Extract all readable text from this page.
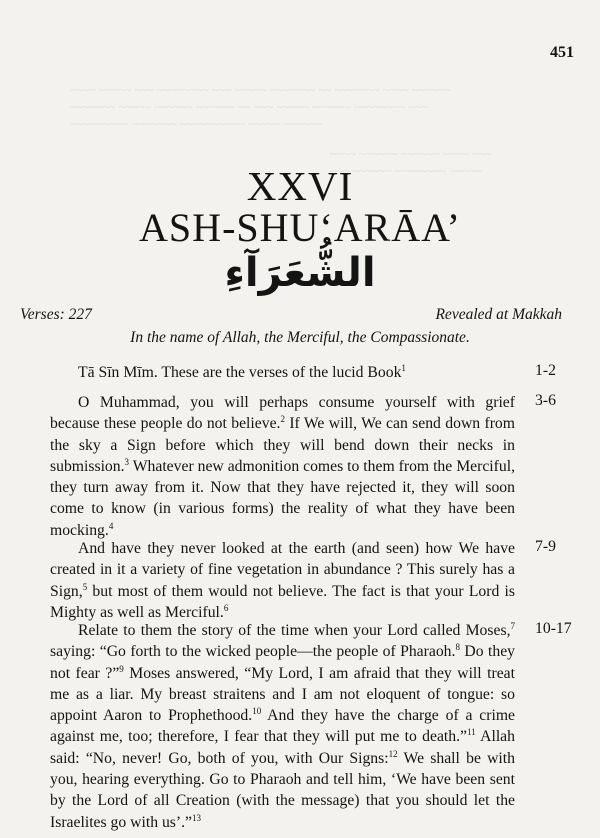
~~~~ ~~~~~ ~~~ ~~~~~~~~ ~~~ ~~~~~ ~~~~~~~ ~~ ~~~~~~~ ~~~~ ~~~~~~
~~~~~~~ ~~~~~ ~~~~~~ ~~~~~~ ~~ ~~~ ~~~~~ ~~~~~~ ~~~~~~~~ ~~~
~~~~~~~~~ ~~~~~~~ ~~~~~~~~~~ ~~~~~ ~~~~~~
~~~~ ~~~~~~ ~~~~~~ ~~~~ ~~~
~~~ ~~~~~~ ~~~~~~~~ ~~~~~
451
XXVI
ASH-SHU‘ARĀA’
الشُّعَرَآءِ
Verses: 227	Revealed at Makkah
In the name of Allah, the Merciful, the Compassionate.

Tā Sīn Mīm. These are the verses of the lucid Book$^1$	1-2

O Muhammad, you will perhaps consume yourself with grief because these people do not believe.$^2$ If We will, We can send down from the sky a Sign before which they will bend down their necks in submission.$^3$ Whatever new admonition comes to them from the Merciful, they turn away from it. Now that they have rejected it, they will soon come to know (in various forms) the reality of what they have been mocking.$^4$

3-6

And have they never looked at the earth (and seen) how We have created in it a variety of fine vegetation in abundance ? This surely has a Sign,$^5$ but most of them would not believe. The fact is that your Lord is Mighty as well as Merciful.$^6$

7-9

Relate to them the story of the time when your Lord called Moses,$^7$ saying: “Go forth to the wicked people—the people of Pharaoh.$^8$ Do they not fear ?”$^9$ Moses answered, “My Lord, I am afraid that they will treat me as a liar. My breast straitens and I am not eloquent of tongue: so appoint Aaron to Prophethood.$^{10}$ And they have the charge of a crime against me, too; therefore, I fear that they will put me to death.”$^{11}$ Allah said: “No, never! Go, both of you, with Our Signs:$^{12}$ We shall be with you, hearing everything. Go to Pharaoh and tell him, ‘We have been sent by the Lord of all Creation (with the message) that you should let the Israelites go with us’.”$^{13}$

10-17
